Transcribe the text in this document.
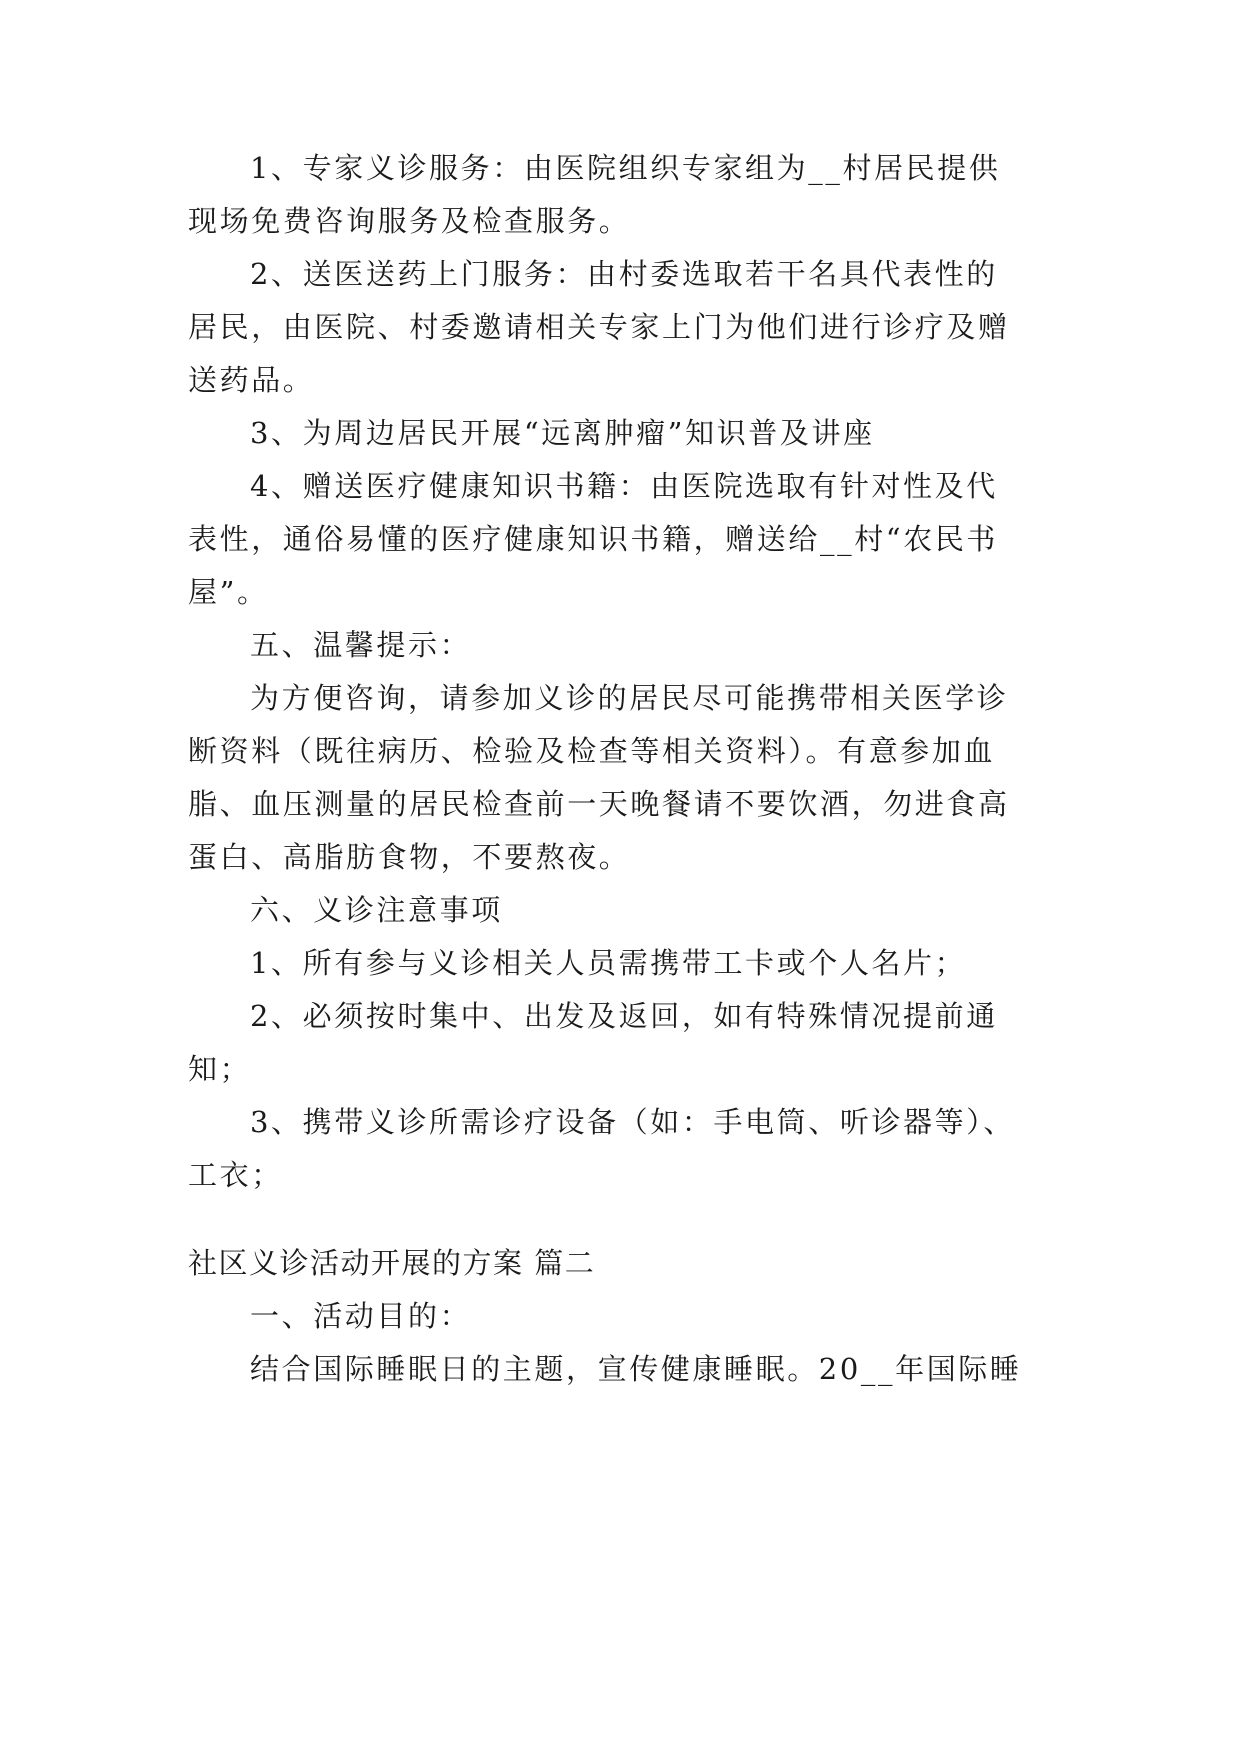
1、专家义诊服务：由医院组织专家组为__村居民提供

现场免费咨询服务及检查服务。

2、送医送药上门服务：由村委选取若干名具代表性的

居民，由医院、村委邀请相关专家上门为他们进行诊疗及赠

送药品。

3、为周边居民开展“远离肿瘤”知识普及讲座

4、赠送医疗健康知识书籍：由医院选取有针对性及代

表性，通俗易懂的医疗健康知识书籍，赠送给__村“农民书

屋”。

五、温馨提示：

为方便咨询，请参加义诊的居民尽可能携带相关医学诊

断资料（既往病历、检验及检查等相关资料）。有意参加血

脂、血压测量的居民检查前一天晚餐请不要饮酒，勿进食高

蛋白、高脂肪食物，不要熬夜。

六、义诊注意事项

1、所有参与义诊相关人员需携带工卡或个人名片；

2、必须按时集中、出发及返回，如有特殊情况提前通

知；

3、携带义诊所需诊疗设备（如：手电筒、听诊器等）、

工衣；

社区义诊活动开展的方案 篇二

一、活动目的：

结合国际睡眠日的主题，宣传健康睡眠。20__年国际睡
